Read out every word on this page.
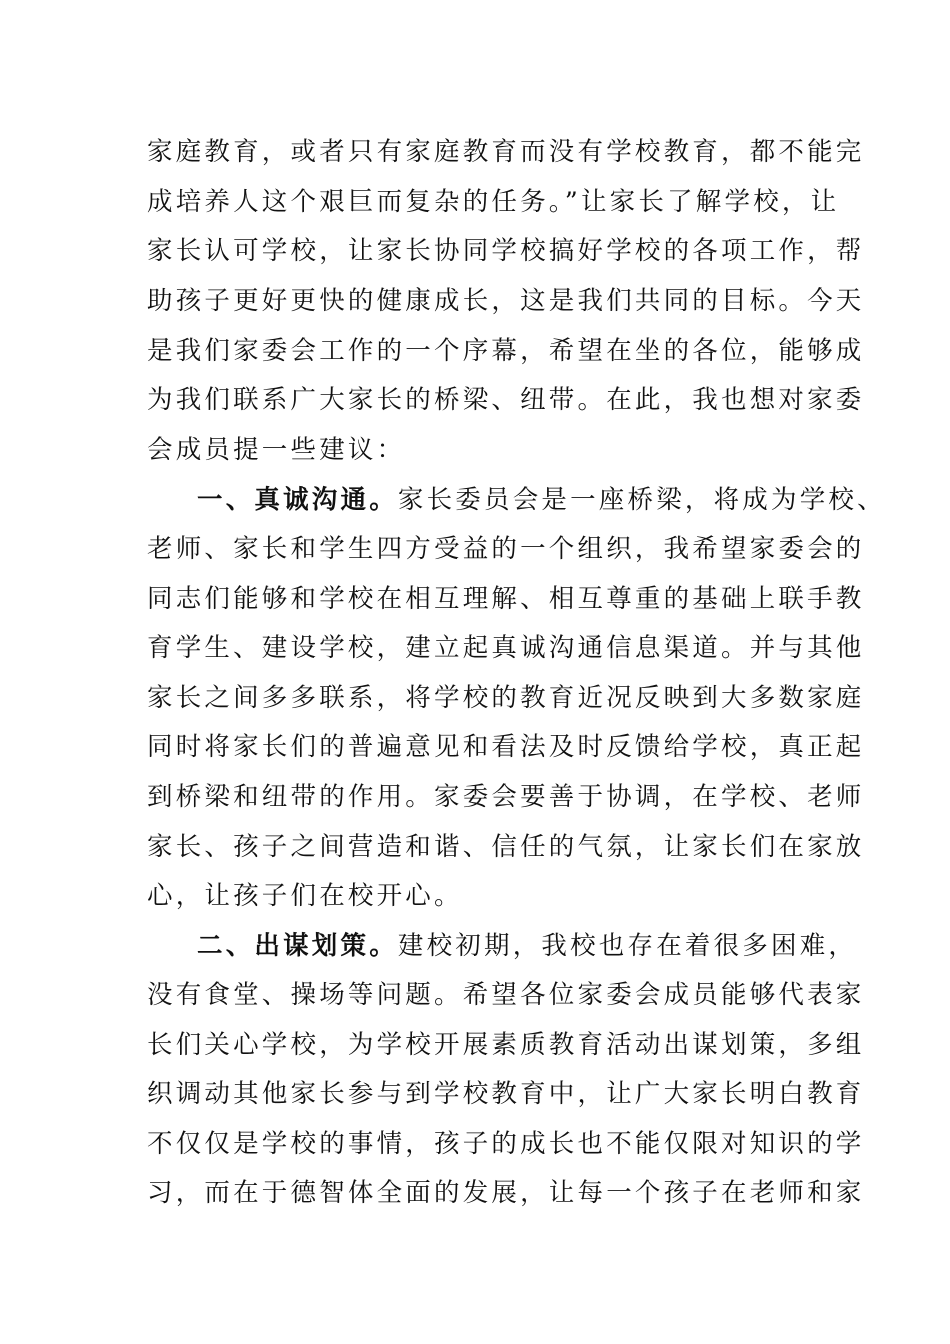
家庭教育，或者只有家庭教育而没有学校教育，都不能完
成培养人这个艰巨而复杂的任务。”让家长了解学校，让
家长认可学校，让家长协同学校搞好学校的各项工作，帮
助孩子更好更快的健康成长，这是我们共同的目标。今天
是我们家委会工作的一个序幕，希望在坐的各位，能够成
为我们联系广大家长的桥梁、纽带。在此，我也想对家委
会成员提一些建议：
一、真诚沟通。家长委员会是一座桥梁，将成为学校、
老师、家长和学生四方受益的一个组织，我希望家委会的
同志们能够和学校在相互理解、相互尊重的基础上联手教
育学生、建设学校，建立起真诚沟通信息渠道。并与其他
家长之间多多联系，将学校的教育近况反映到大多数家庭
同时将家长们的普遍意见和看法及时反馈给学校，真正起
到桥梁和纽带的作用。家委会要善于协调，在学校、老师
家长、孩子之间营造和谐、信任的气氛，让家长们在家放
心，让孩子们在校开心。
二、出谋划策。建校初期，我校也存在着很多困难，
没有食堂、操场等问题。希望各位家委会成员能够代表家
长们关心学校，为学校开展素质教育活动出谋划策，多组
织调动其他家长参与到学校教育中，让广大家长明白教育
不仅仅是学校的事情，孩子的成长也不能仅限对知识的学
习，而在于德智体全面的发展，让每一个孩子在老师和家
